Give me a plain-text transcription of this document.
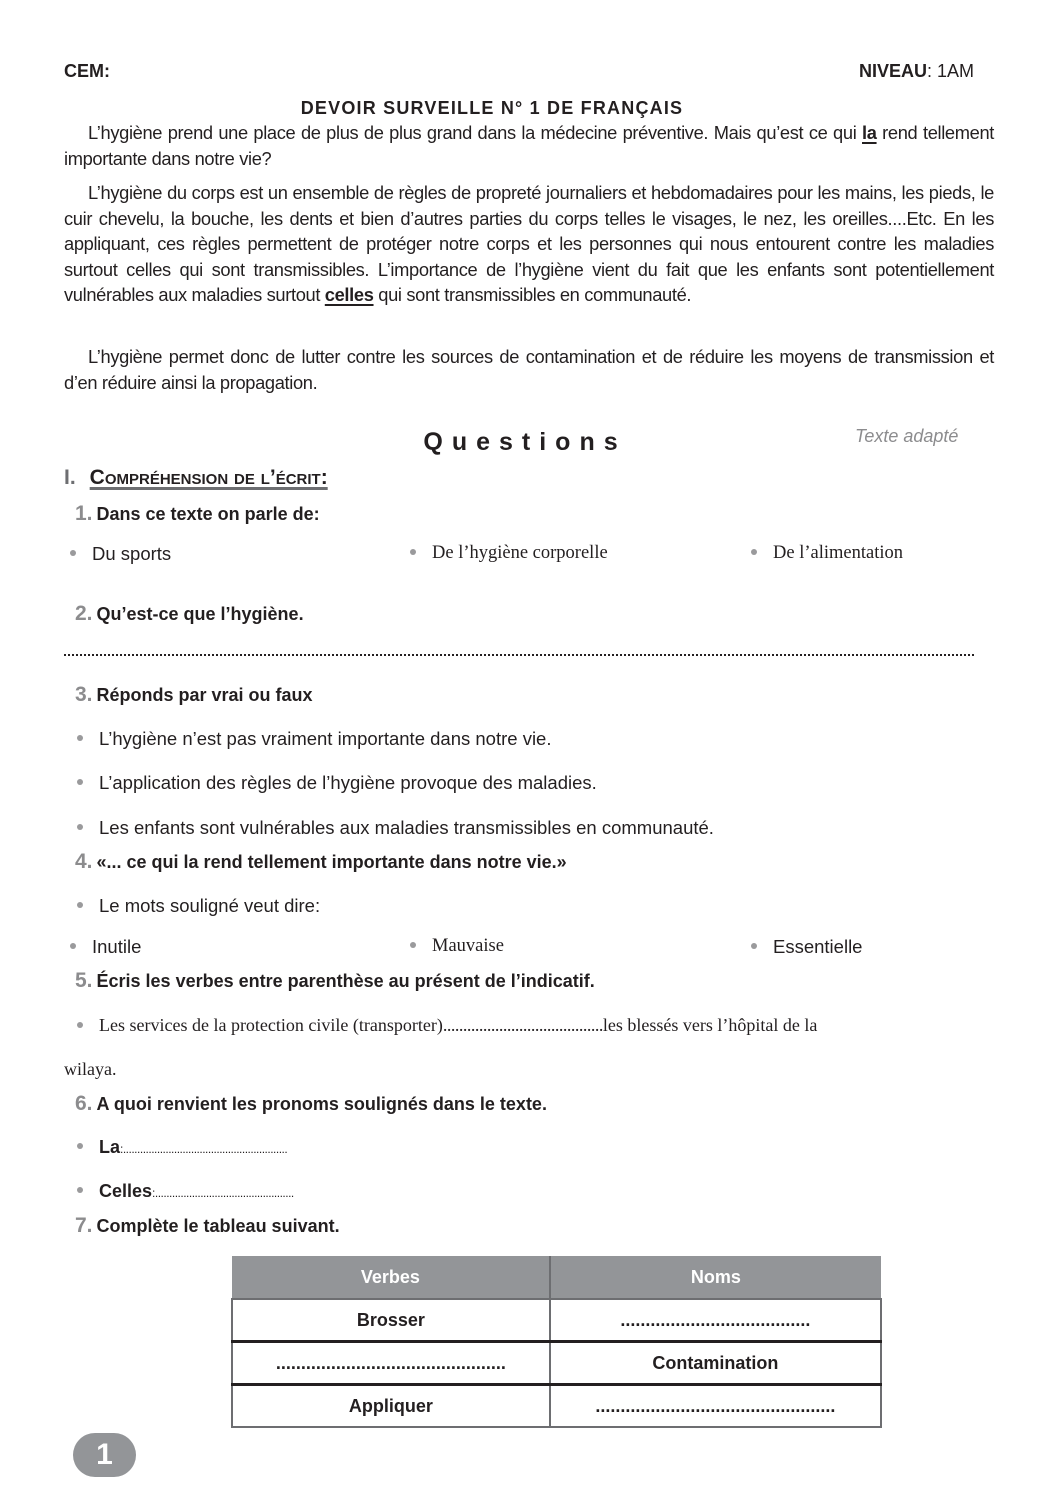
CEM:	NIVEAU: 1AM
DEVOIR SURVEILLE N° 1 DE FRANÇAIS
L’hygiène prend une place de plus de plus grand dans la médecine préventive. Mais qu’est ce qui la rend tellement importante dans notre vie?
L’hygiène du corps est un ensemble de règles de propreté journaliers et hebdomadaires pour les mains, les pieds, le cuir chevelu, la bouche, les dents et bien d’autres parties du corps telles le visages, le nez, les oreilles....Etc. En les appliquant, ces règles permettent de protéger notre corps et les personnes qui nous entourent contre les maladies surtout celles qui sont transmissibles. L’importance de l’hygiène vient du fait que les enfants sont potentiellement vulnérables aux maladies surtout celles qui sont transmissibles en communauté.
L’hygiène permet donc de lutter contre les sources de contamination et de réduire les moyens de transmission et d’en réduire ainsi la propagation.
Texte adapté
Questions
I. Compréhension de l’écrit:
1. Dans ce texte on parle de:
Du sports	De l’hygiène corporelle	De l’alimentation
2. Qu’est-ce que l’hygiène.
3. Réponds par vrai ou faux
L’hygiène n’est pas vraiment importante dans notre vie.
L’application des règles de l’hygiène provoque des maladies.
Les enfants sont vulnérables aux maladies transmissibles en communauté.
4. «... ce qui la rend tellement importante dans notre vie.»
Le mots souligné veut dire:
Inutile	Mauvaise	Essentielle
5. Écris les verbes entre parenthèse au présent de l’indicatif.
Les services de la protection civile (transporter)........................................les blessés vers l’hôpital de la
wilaya.
6. A quoi renvient les pronoms soulignés dans le texte.
La:..........................................................
Celles:.................................................
7. Complète le tableau suivant.
Verbes	Noms
Brosser	......................................
..............................................	Contamination
Appliquer	................................................
1
